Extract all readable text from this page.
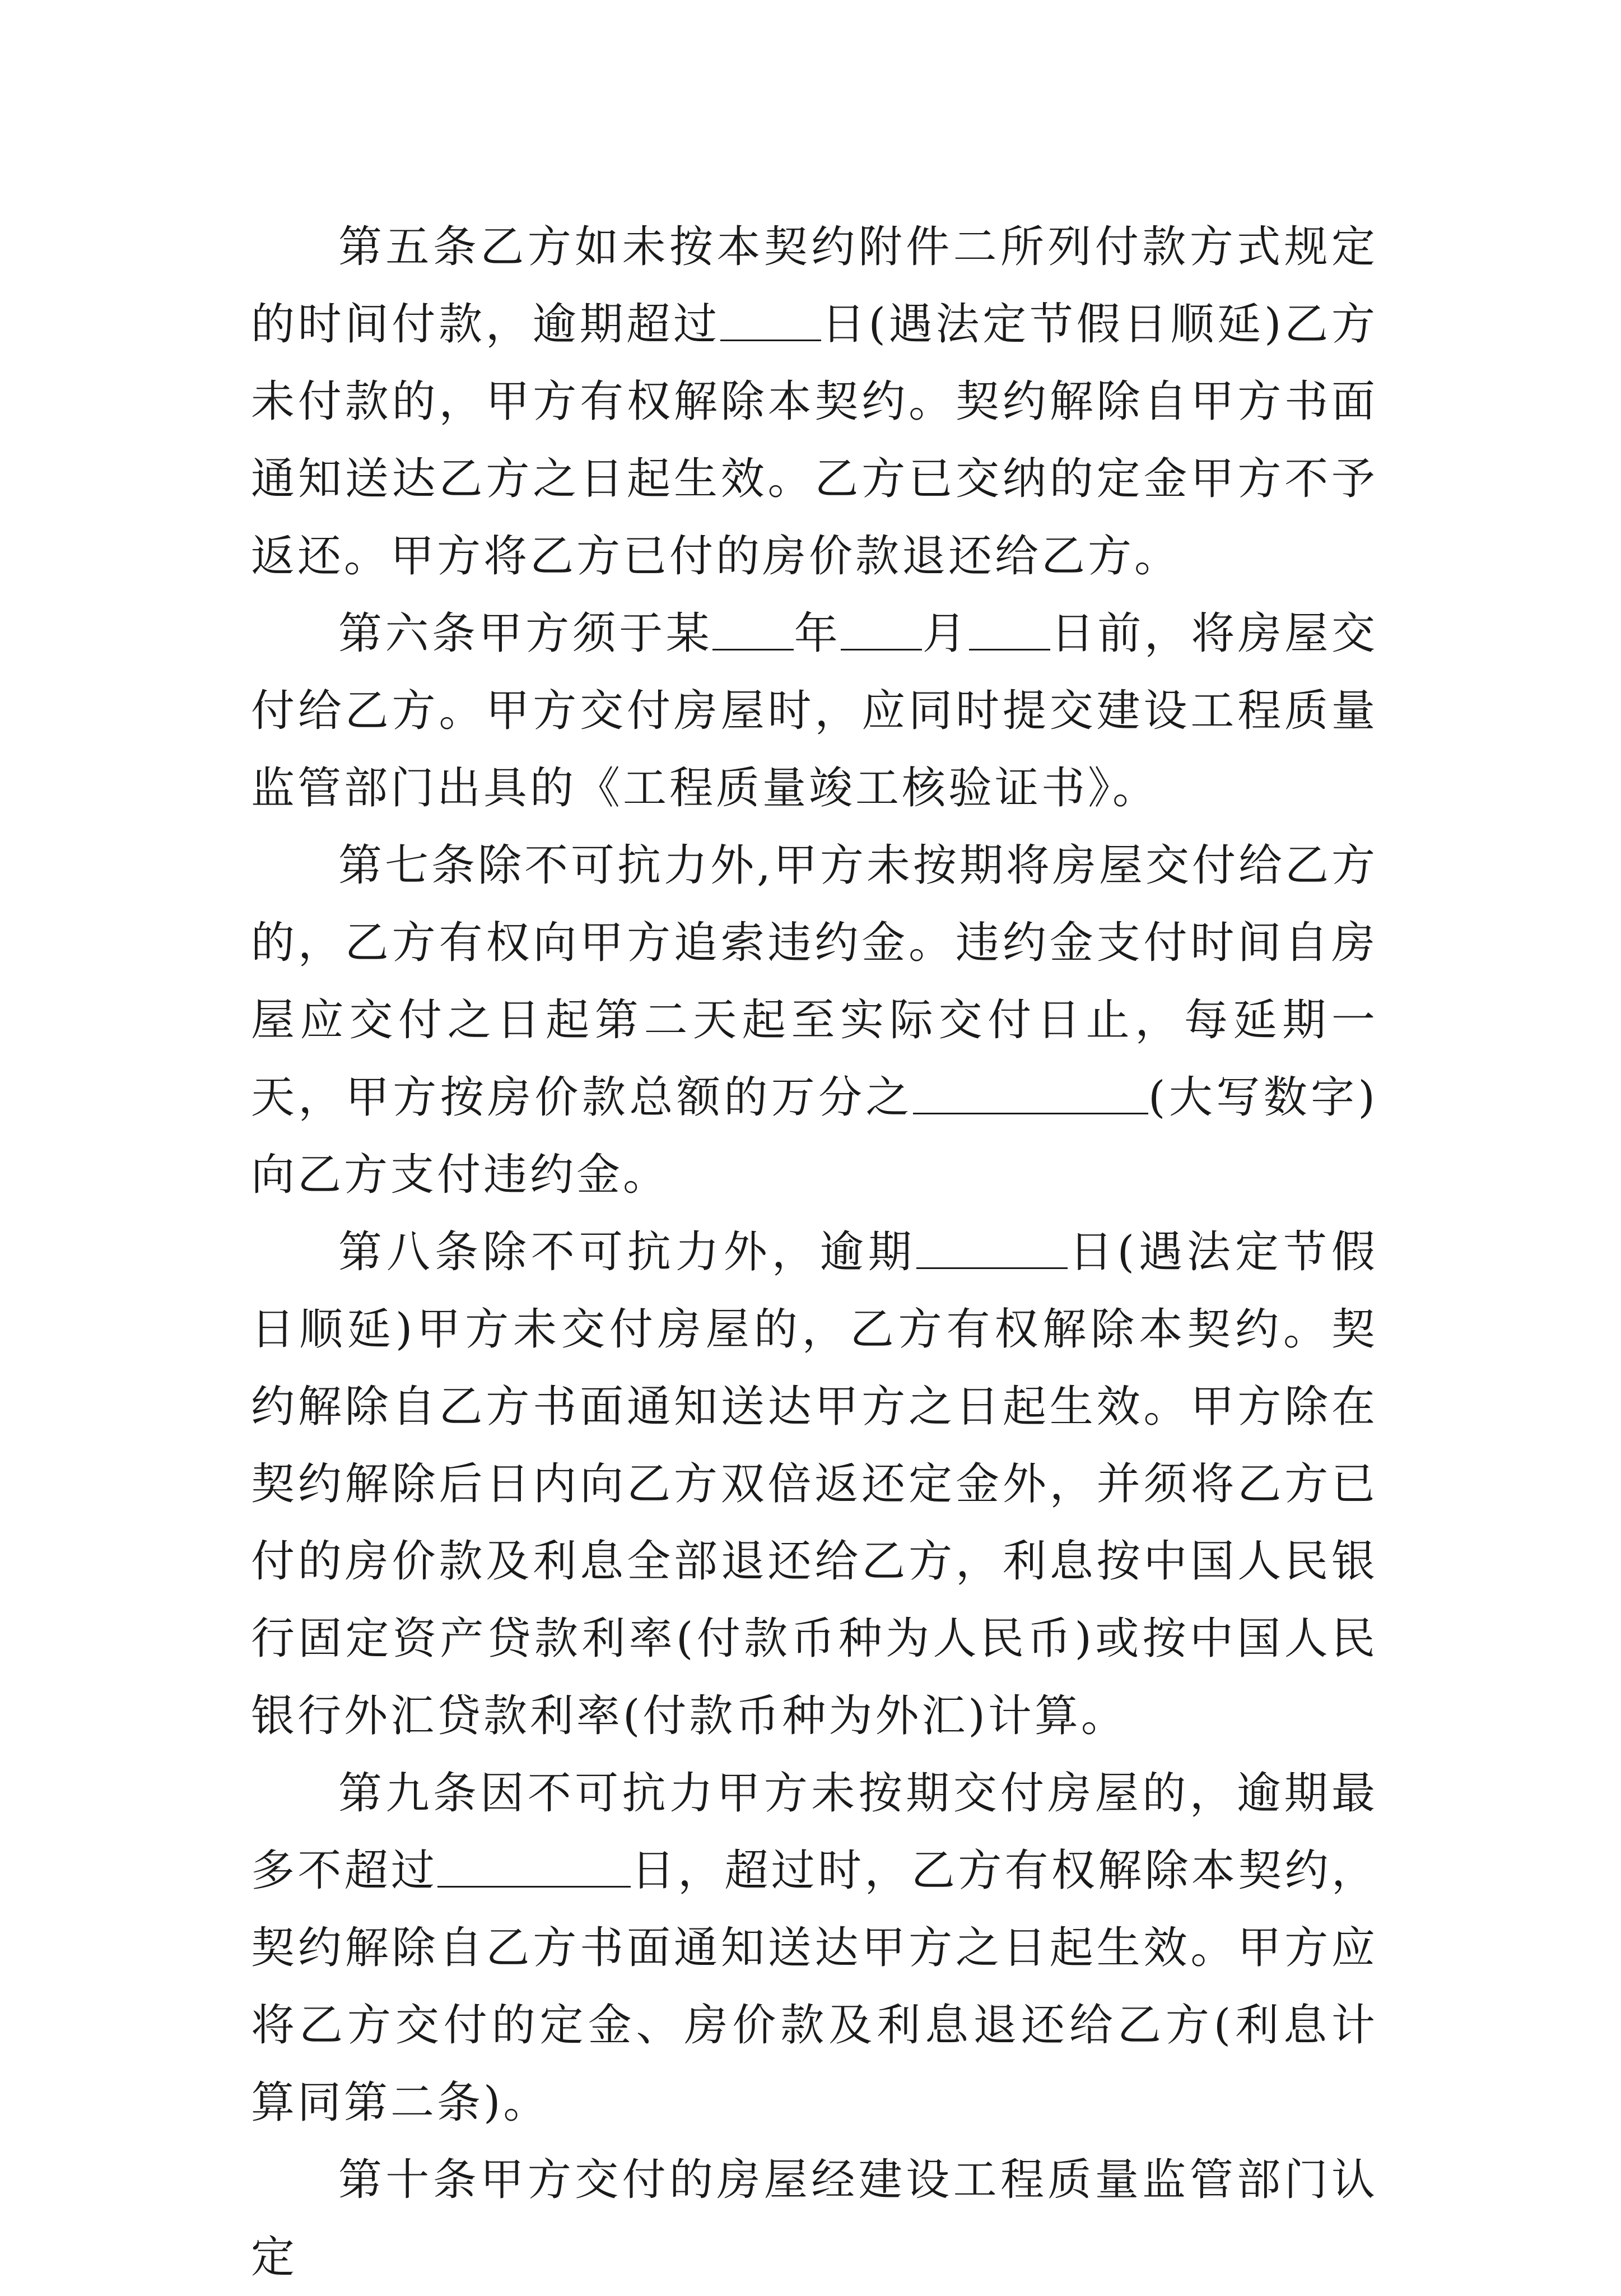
第五条乙方如未按本契约附件二所列付款方式规定的时间付款，逾期超过 日(遇法定节假日顺延)乙方未付款的，甲方有权解除本契约。契约解除自甲方书面通知送达乙方之日起生效。乙方已交纳的定金甲方不予返还。甲方将乙方已付的房价款退还给乙方。

第六条甲方须于某 年 月 日前，将房屋交付给乙方。甲方交付房屋时，应同时提交建设工程质量监管部门出具的《工程质量竣工核验证书》。

第七条除不可抗力外,甲方未按期将房屋交付给乙方的，乙方有权向甲方追索违约金。违约金支付时间自房屋应交付之日起第二天起至实际交付日止，每延期一天，甲方按房价款总额的万分之	(大写数字)向乙方支付违约金。

第八条除不可抗力外，逾期	日(遇法定节假日顺延)甲方未交付房屋的，乙方有权解除本契约。契约解除自乙方书面通知送达甲方之日起生效。甲方除在契约解除后日内向乙方双倍返还定金外，并须将乙方已付的房价款及利息全部退还给乙方，利息按中国人民银行固定资产贷款利率(付款币种为人民币)或按中国人民银行外汇贷款利率(付款币种为外汇)计算。

第九条因不可抗力甲方未按期交付房屋的，逾期最多不超过	日，超过时，乙方有权解除本契约，契约解除自乙方书面通知送达甲方之日起生效。甲方应将乙方交付的定金、房价款及利息退还给乙方(利息计算同第二条)。

第十条甲方交付的房屋经建设工程质量监管部门认定
